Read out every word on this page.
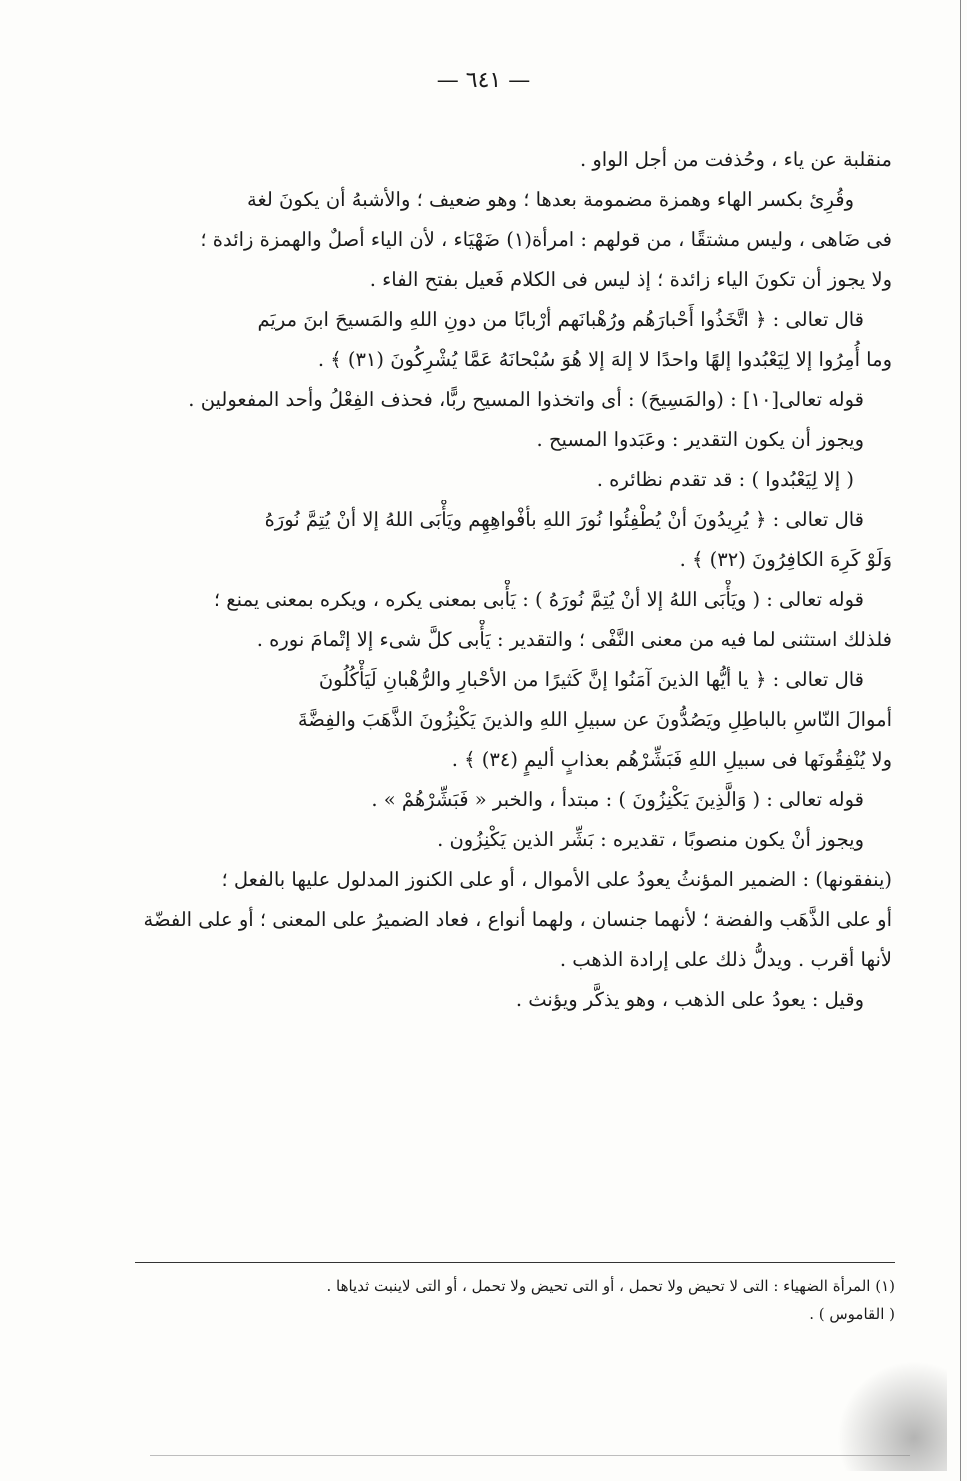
— ٦٤١ —
منقلبة عن ياء ، وحُذفت من أجل الواو .
وقُرِئ بكسر الهاء وهمزة مضمومة بعدها ؛ وهو ضعيف ؛ والأشبهُ أن يكونَ لغة
فى ضَاهى ، وليس مشتقًا ، من قولهم : امرأة(١) ضَهْيَاء ، لأن الياء أصلٌ والهمزة زائدة ؛
ولا يجوز أن تكونَ الياء زائدة ؛ إذ ليس فى الكلام فَعيل بفتح الفاء .
قال تعالى : ﴿ اتَّخَذُوا أَحْبارَهُم ورُهْبانَهم أرْبابًا من دونِ اللهِ والمَسيحَ ابنَ مريَم
وما أُمِرُوا إلا لِيَعْبُدوا إلهًا واحدًا لا إلهَ إلا هُوَ سُبْحانَهُ عَمَّا يُشْرِكُونَ (٣١) ﴾ .
قوله تعالى[١٠] : (والمَسِيحَ) : أى واتخذوا المسيح ربًّا، فحذف الفِعْلُ وأحد المفعولين .
ويجوز أن يكون التقدير : وعَبَدوا المسيح .
( إلا لِيَعْبُدوا ) : قد تقدم نظائره .
قال تعالى : ﴿ يُرِيدُونَ أنْ يُطْفِئُوا نُورَ اللهِ بأفْواهِهِم ويَأْبَى اللهُ إلا أنْ يُتِمَّ نُورَهُ
وَلَوْ كَرِهَ الكافِرُونَ (٣٢) ﴾ .
قوله تعالى : ( ويَأْبَى اللهُ إلا أنْ يُتِمَّ نُورَهُ ) : يَأْبى بمعنى يكره ، ويكره بمعنى يمنع ؛
فلذلك استثنى لما فيه من معنى النَّفْى ؛ والتقدير : يَأْبى كلَّ شىء إلا إتْمامَ نوره .
قال تعالى : ﴿ يا أيُّها الذينَ آمَنُوا إنَّ كَثيرًا من الأحْبارِ والرُّهْبانِ لَيَأْكُلُونَ
أموالَ النّاسِ بالباطِلِ ويَصُدُّونَ عن سبيلِ اللهِ والذينَ يَكْنِزُونَ الذَّهَبَ والفِضَّةَ
ولا يُنْفِقُونَها فى سبيلِ اللهِ فَبَشِّرْهُم بعذابٍ أليمٍ (٣٤) ﴾ .
قوله تعالى : ( وَالَّذِينَ يَكْنِزُونَ ) : مبتدأ ، والخبر « فَبَشِّرْهُمْ » .
ويجوز أنْ يكون منصوبًا ، تقديره : بَشِّر الذين يَكْنِزُون .
(ينفقونها) : الضمير المؤنثُ يعودُ على الأموال ، أو على الكنوز المدلول عليها بالفعل ؛
أو على الذَّهَب والفضة ؛ لأنهما جنسان ، ولهما أنواع ، فعاد الضميرُ على المعنى ؛ أو على الفضّة
لأنها أقرب . ويدلُّ ذلك على إرادة الذهب .
وقيل : يعودُ على الذهب ، وهو يذكَّر ويؤنث .
(١) المرأة الضهياء : التى لا تحيض ولا تحمل ، أو التى تحيض ولا تحمل ، أو التى لاينبت ثدياها .
( القاموس ) .
